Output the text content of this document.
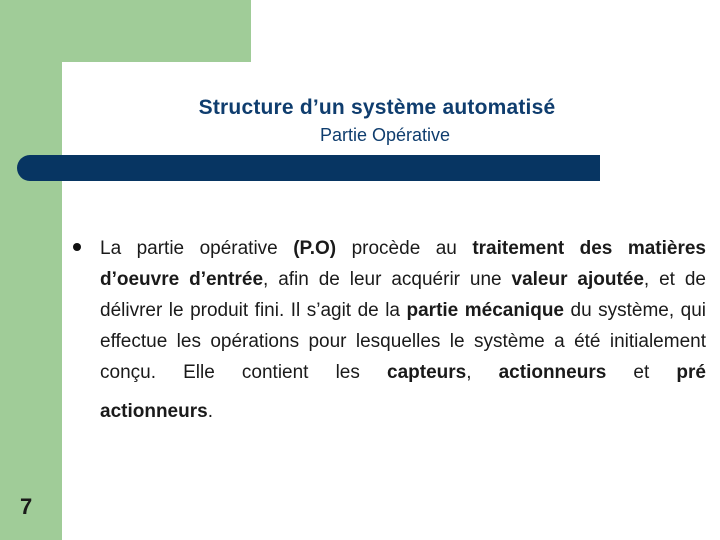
Structure d’un système automatisé
Partie Opérative
La partie opérative (P.O) procède au traitement des matières d’oeuvre d’entrée, afin de leur acquérir une valeur ajoutée, et de délivrer le produit fini. Il s’agit de la partie mécanique du système, qui effectue les opérations pour lesquelles le système a été initialement conçu. Elle contient les capteurs, actionneurs et pré
actionneurs.
7
